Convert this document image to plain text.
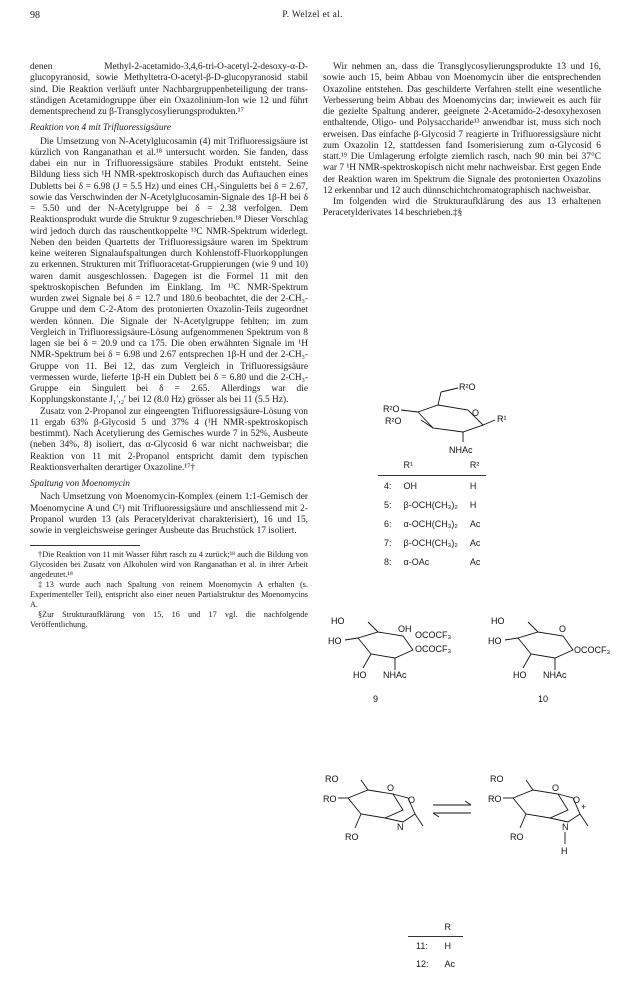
98	P. Welzel et al.

denen Methyl-2-acetamido-3,4,6-tri-O-acetyl-2-desoxy-α-D-glucopyranosid, sowie Methyltetra-O-acetyl-β-D-glucopyranosid stabil sind. Die Reaktion verläuft unter Nachbargruppenbeteiligung der trans-ständigen Acetamidogruppe über ein Oxazolinium-Ion wie 12 und führt dementsprechend zu β-Transglycosylierungsprodukten.¹⁷

Reaktion von 4 mit Trifluoressigsäure

Die Umsetzung von N-Acetylglucosamin (4) mit Trifluoressigsäure ist kürzlich von Ranganathan et al.¹⁸ untersucht worden. Sie fanden, dass dabei ein nur in Trifluoressigsäure stabiles Produkt entsteht. Seine Bildung liess sich ¹H NMR-spektroskopisch durch das Auftauchen eines Dubletts bei δ = 6.98 (J = 5.5 Hz) und eines CH₃-Singuletts bei δ = 2.67, sowie das Verschwinden der N-Acetylglucosamin-Signale des 1β-H bei δ = 5.50 und der N-Acetylgruppe bei δ = 2.38 verfolgen. Dem Reaktionsprodukt wurde die Struktur 9 zugeschrieben.¹⁸ Dieser Vorschlag wird jedoch durch das rauschentkoppelte ¹³C NMR-Spektrum widerlegt. Neben den beiden Quartetts der Trifluoressigsäure waren im Spektrum keine weiteren Signalaufspaltungen durch Kohlenstoff-Fluorkopplungen zu erkennen. Strukturen mit Trifluoracetat-Gruppierungen (wie 9 und 10) waren damit ausgeschlossen. Dagegen ist die Formel 11 mit den spektroskopischen Befunden im Einklang. Im ¹³C NMR-Spektrum wurden zwei Signale bei δ = 12.7 und 180.6 beobachtet, die der 2-CH₃-Gruppe und dem C-2-Atom des protonierten Oxazolin-Teils zugeordnet werden können. Die Signale der N-Acetylgruppe fehlten; im zum Vergleich in Trifluoressigsäure-Lösung aufgenommenen Spektrum von 8 lagen sie bei δ = 20.9 und ca 175. Die oben erwähnten Signale im ¹H NMR-Spektrum bei δ = 6.98 und 2.67 entsprechen 1β-H und der 2-CH₃-Gruppe von 11. Bei 12, das zum Vergleich in Trifluoressigsäure vermessen wurde, lieferte 1β-H ein Dublett bei δ = 6.80 und die 2-CH₃-Gruppe ein Singulett bei δ = 2.65. Allerdings war die Kopplungskonstante J₁′,₂′ bei 12 (8.0 Hz) grösser als bei 11 (5.5 Hz).

Zusatz von 2-Propanol zur eingeengten Trifluoressigsäure-Lösung von 11 ergab 63% β-Glycosid 5 und 37% 4 (¹H NMR-spektroskopisch bestimmt). Nach Acetylierung des Gemisches wurde 7 in 52%, Ausbeute (neben 34%, 8) isoliert, das α-Glycosid 6 war nicht nachweisbar; die Reaktion von 11 mit 2-Propanol entspricht damit dem typischen Reaktionsverhalten derartiger Oxazoline.¹⁷†

Spaltung von Moenomycin

Nach Umsetzung von Moenomycin-Komplex (einem 1:1-Gemisch der Moenomycine A und C¹) mit Trifluoressigsäure und anschliessend mit 2-Propanol wurden 13 (als Peracetylderivat charakterisiert), 16 und 15, sowie in vergleichsweise geringer Ausbeute das Bruchstück 17 isoliert.

†Die Reaktion von 11 mit Wasser führt rasch zu 4 zurück;¹⁸ auch die Bildung von Glycosiden bei Zusatz von Alkoholen wird von Ranganathan et al. in ihrer Arbeit angedeutet.¹⁸

‡13 wurde auch nach Spaltung von reinem Moenomycin A erhalten (s. Experimenteller Teil), entspricht also einer neuen Partialstruktur des Moenomycins A.

§Zur Strukturaufklärung von 15, 16 und 17 vgl. die nachfolgende Veröffentlichung.

Wir nehmen an, dass die Transglycosylierungsprodukte 13 und 16, sowie auch 15, beim Abbau von Moenomycin über die entsprechenden Oxazoline entstehen. Das geschilderte Verfahren stellt eine wesentliche Verbesserung beim Abbau des Moenomycins dar; inwieweit es auch für die gezielte Spaltung anderer, geeignete 2-Acetamido-2-desoxyhexosen enthaltende, Oligo- und Polysaccharide¹³ anwendbar ist, muss sich noch erweisen. Das einfache β-Glycosid 7 reagierte in Trifluoressigsäure nicht zum Oxazolin 12, stattdessen fand Isomerisierung zum α-Glycosid 6 statt.¹⁹ Die Umlagerung erfolgte ziemlich rasch, nach 90 min bei 37°C war 7 ¹H NMR-spektroskopisch nicht mehr nachweisbar. Erst gegen Ende der Reaktion waren im Spektrum die Signale des protonierten Oxazolins 12 erkennbar und 12 auch dünnschichtchromatographisch nachweisbar.

Im folgenden wird die Strukturaufklärung des aus 13 erhaltenen Peracetylderivates 14 beschrieben.‡§

R²O
R²O
R²O
O
R¹
NHAc
HO
HO
HO
OH
OCOCF₃
OCOCF₃
NHAc
9
HO
HO
HO
O
OCOCF₃
NHAc
10
RO
RO
RO
O
O
N
RO
RO
RO
O
O
+
N
H
	R¹	R²
4:	OH	H
5:	β-OCH(CH₃)₂	H
6:	α-OCH(CH₃)₂	Ac
7:	β-OCH(CH₃)₂	Ac
8:	α-OAc	Ac
	R
11:	H
12:	Ac
